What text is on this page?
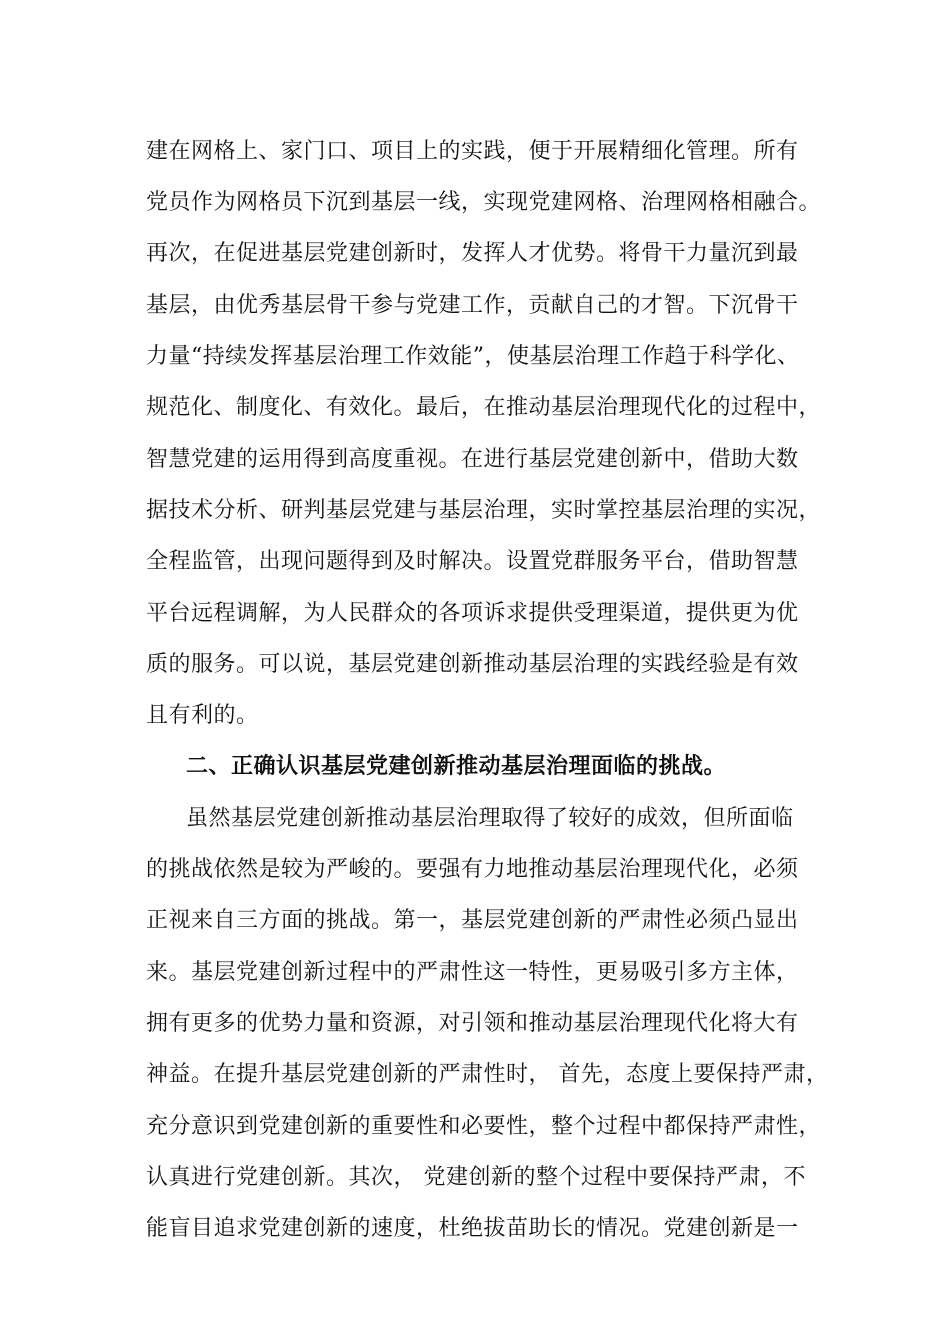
建在网格上、家门口、项目上的实践，便于开展精细化管理。所有
党员作为网格员下沉到基层一线，实现党建网格、治理网格相融合。
再次，在促进基层党建创新时，发挥人才优势。将骨干力量沉到最
基层，由优秀基层骨干参与党建工作，贡献自己的才智。下沉骨干
力量“持续发挥基层治理工作效能”，使基层治理工作趋于科学化、
规范化、制度化、有效化。最后，在推动基层治理现代化的过程中，
智慧党建的运用得到高度重视。在进行基层党建创新中，借助大数
据技术分析、研判基层党建与基层治理，实时掌控基层治理的实况，
全程监管，出现问题得到及时解决。设置党群服务平台，借助智慧
平台远程调解，为人民群众的各项诉求提供受理渠道，提供更为优
质的服务。可以说，基层党建创新推动基层治理的实践经验是有效
且有利的。
二、正确认识基层党建创新推动基层治理面临的挑战。
虽然基层党建创新推动基层治理取得了较好的成效，但所面临
的挑战依然是较为严峻的。要强有力地推动基层治理现代化，必须
正视来自三方面的挑战。第一，基层党建创新的严肃性必须凸显出
来。基层党建创新过程中的严肃性这一特性，更易吸引多方主体，
拥有更多的优势力量和资源，对引领和推动基层治理现代化将大有
神益。在提升基层党建创新的严肃性时， 首先，态度上要保持严肃，
充分意识到党建创新的重要性和必要性，整个过程中都保持严肃性，
认真进行党建创新。其次， 党建创新的整个过程中要保持严肃，不
能盲目追求党建创新的速度，杜绝拔苗助长的情况。党建创新是一
